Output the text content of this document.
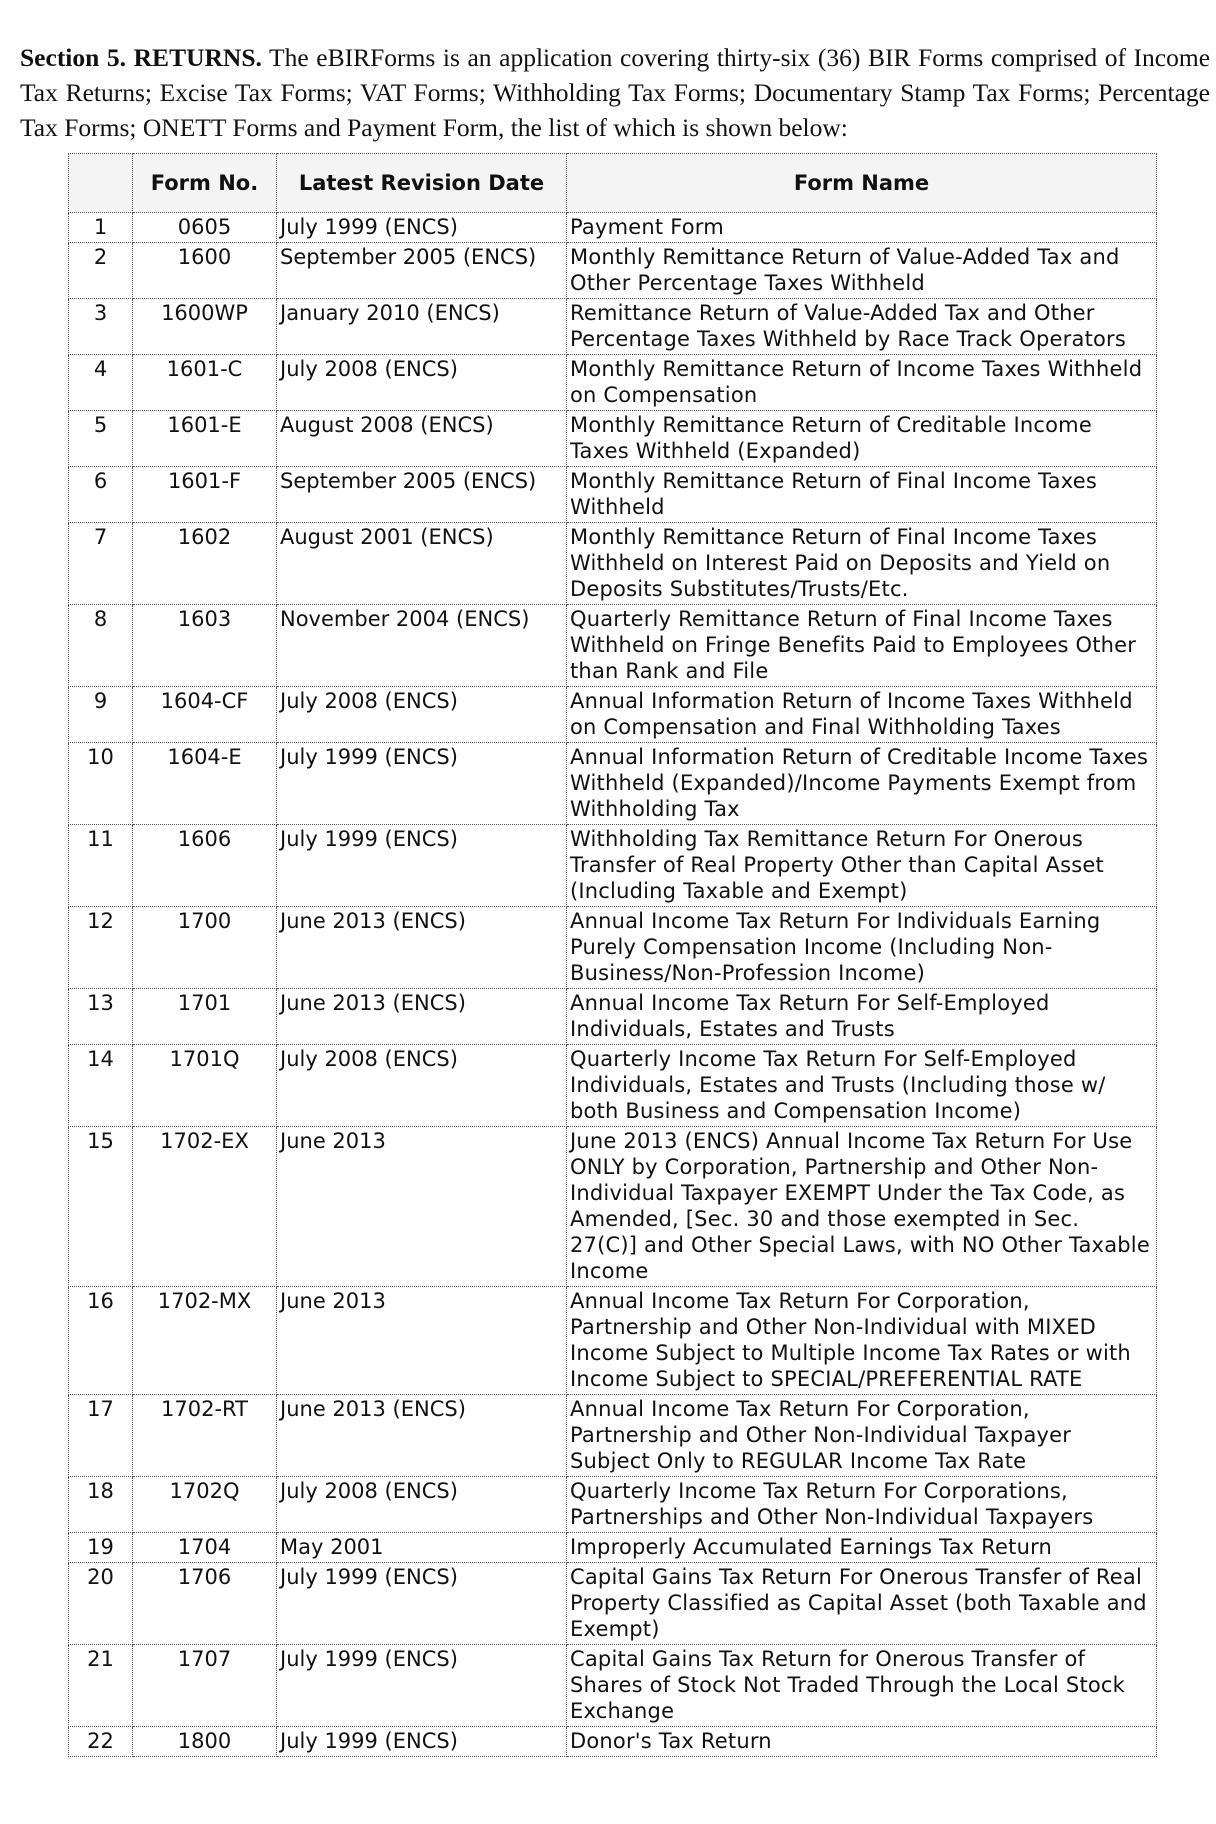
Section 5. RETURNS. The eBIRForms is an application covering thirty-six (36) BIR Forms comprised of Income Tax Returns; Excise Tax Forms; VAT Forms; Withholding Tax Forms; Documentary Stamp Tax Forms; Percentage Tax Forms; ONETT Forms and Payment Form, the list of which is shown below:

	Form No.	Latest Revision Date	Form Name
1	0605	July 1999 (ENCS)	Payment Form
2	1600	September 2005 (ENCS)	Monthly Remittance Return of Value-Added Tax and Other Percentage Taxes Withheld
3	1600WP	January 2010 (ENCS)	Remittance Return of Value-Added Tax and Other Percentage Taxes Withheld by Race Track Operators
4	1601-C	July 2008 (ENCS)	Monthly Remittance Return of Income Taxes Withheld on Compensation
5	1601-E	August 2008 (ENCS)	Monthly Remittance Return of Creditable Income Taxes Withheld (Expanded)
6	1601-F	September 2005 (ENCS)	Monthly Remittance Return of Final Income Taxes Withheld
7	1602	August 2001 (ENCS)	Monthly Remittance Return of Final Income Taxes Withheld on Interest Paid on Deposits and Yield on Deposits Substitutes/Trusts/Etc.
8	1603	November 2004 (ENCS)	Quarterly Remittance Return of Final Income Taxes Withheld on Fringe Benefits Paid to Employees Other than Rank and File
9	1604-CF	July 2008 (ENCS)	Annual Information Return of Income Taxes Withheld on Compensation and Final Withholding Taxes
10	1604-E	July 1999 (ENCS)	Annual Information Return of Creditable Income Taxes Withheld (Expanded)/Income Payments Exempt from Withholding Tax
11	1606	July 1999 (ENCS)	Withholding Tax Remittance Return For Onerous Transfer of Real Property Other than Capital Asset (Including Taxable and Exempt)
12	1700	June 2013 (ENCS)	Annual Income Tax Return For Individuals Earning Purely Compensation Income (Including Non-Business/Non-Profession Income)
13	1701	June 2013 (ENCS)	Annual Income Tax Return For Self-Employed Individuals, Estates and Trusts
14	1701Q	July 2008 (ENCS)	Quarterly Income Tax Return For Self-Employed Individuals, Estates and Trusts (Including those w/ both Business and Compensation Income)
15	1702-EX	June 2013	June 2013 (ENCS) Annual Income Tax Return For Use ONLY by Corporation, Partnership and Other Non-Individual Taxpayer EXEMPT Under the Tax Code, as Amended, [Sec. 30 and those exempted in Sec. 27(C)] and Other Special Laws, with NO Other Taxable Income
16	1702-MX	June 2013	Annual Income Tax Return For Corporation, Partnership and Other Non-Individual with MIXED Income Subject to Multiple Income Tax Rates or with Income Subject to SPECIAL/PREFERENTIAL RATE
17	1702-RT	June 2013 (ENCS)	Annual Income Tax Return For Corporation, Partnership and Other Non-Individual Taxpayer Subject Only to REGULAR Income Tax Rate
18	1702Q	July 2008 (ENCS)	Quarterly Income Tax Return For Corporations, Partnerships and Other Non-Individual Taxpayers
19	1704	May 2001	Improperly Accumulated Earnings Tax Return
20	1706	July 1999 (ENCS)	Capital Gains Tax Return For Onerous Transfer of Real Property Classified as Capital Asset (both Taxable and Exempt)
21	1707	July 1999 (ENCS)	Capital Gains Tax Return for Onerous Transfer of Shares of Stock Not Traded Through the Local Stock Exchange
22	1800	July 1999 (ENCS)	Donor's Tax Return
